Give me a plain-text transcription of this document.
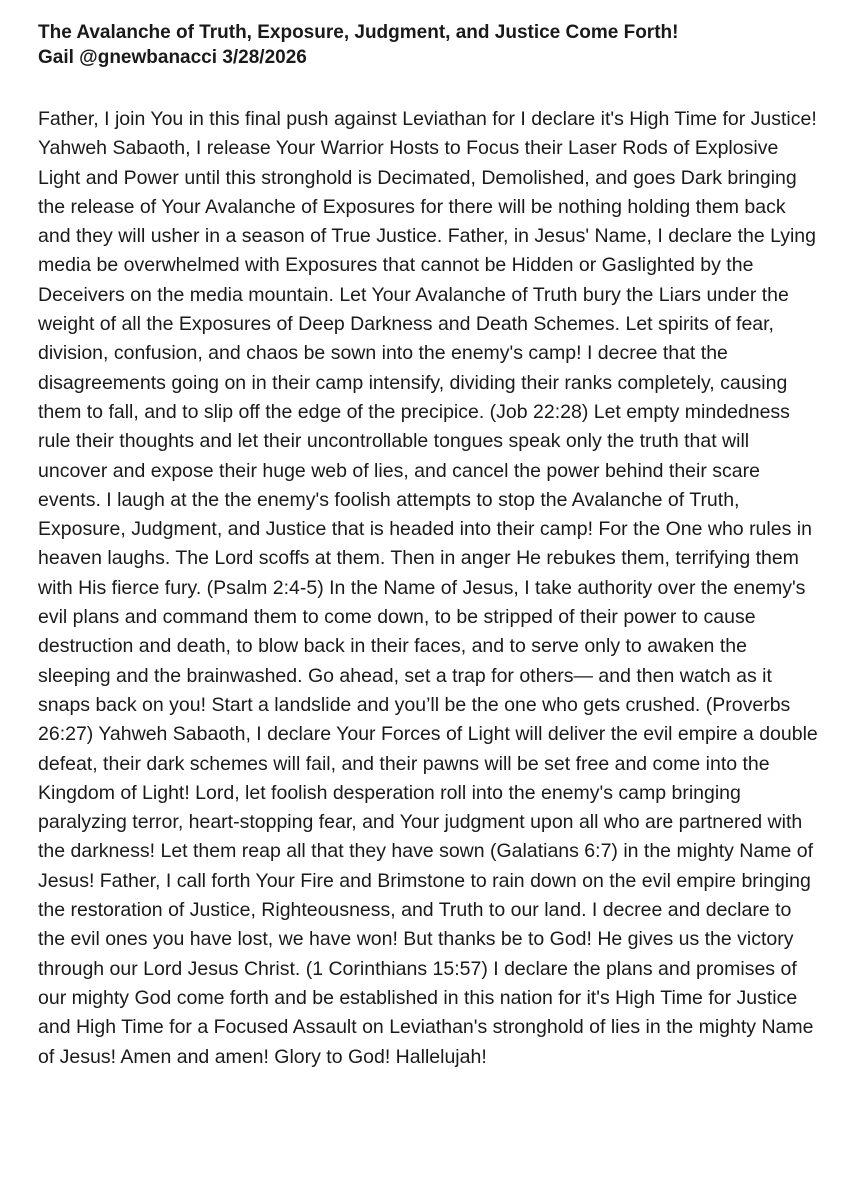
The Avalanche of Truth, Exposure, Judgment, and Justice Come Forth!
Gail @gnewbanacci 3/28/2026
Father, I join You in this final push against Leviathan for I declare it's High Time for Justice! Yahweh Sabaoth, I release Your Warrior Hosts to Focus their Laser Rods of Explosive Light and Power until this stronghold is Decimated, Demolished, and goes Dark bringing the release of Your Avalanche of Exposures for there will be nothing holding them back and they will usher in a season of True Justice. Father, in Jesus' Name, I declare the Lying media be overwhelmed with Exposures that cannot be Hidden or Gaslighted by the Deceivers on the media mountain. Let Your Avalanche of Truth bury the Liars under the weight of all the Exposures of Deep Darkness and Death Schemes. Let spirits of fear, division, confusion, and chaos be sown into the enemy's camp! I decree that the disagreements going on in their camp intensify, dividing their ranks completely, causing them to fall, and to slip off the edge of the precipice. (Job 22:28) Let empty mindedness rule their thoughts and let their uncontrollable tongues speak only the truth that will uncover and expose their huge web of lies, and cancel the power behind their scare events. I laugh at the the enemy's foolish attempts to stop the Avalanche of Truth, Exposure, Judgment, and Justice that is headed into their camp! For the One who rules in heaven laughs. The Lord scoffs at them. Then in anger He rebukes them, terrifying them with His fierce fury. (Psalm 2:4-5) In the Name of Jesus, I take authority over the enemy's evil plans and command them to come down, to be stripped of their power to cause destruction and death, to blow back in their faces, and to serve only to awaken the sleeping and the brainwashed. Go ahead, set a trap for others— and then watch as it snaps back on you! Start a landslide and you’ll be the one who gets crushed. (Proverbs 26:27) Yahweh Sabaoth, I declare Your Forces of Light will deliver the evil empire a double defeat, their dark schemes will fail, and their pawns will be set free and come into the Kingdom of Light! Lord, let foolish desperation roll into the enemy's camp bringing paralyzing terror, heart-stopping fear, and Your judgment upon all who are partnered with the darkness! Let them reap all that they have sown (Galatians 6:7) in the mighty Name of Jesus! Father, I call forth Your Fire and Brimstone to rain down on the evil empire bringing the restoration of Justice, Righteousness, and Truth to our land. I decree and declare to the evil ones you have lost, we have won! But thanks be to God! He gives us the victory through our Lord Jesus Christ. (1 Corinthians 15:57) I declare the plans and promises of our mighty God come forth and be established in this nation for it's High Time for Justice and High Time for a Focused Assault on Leviathan's stronghold of lies in the mighty Name of Jesus! Amen and amen! Glory to God! Hallelujah!
